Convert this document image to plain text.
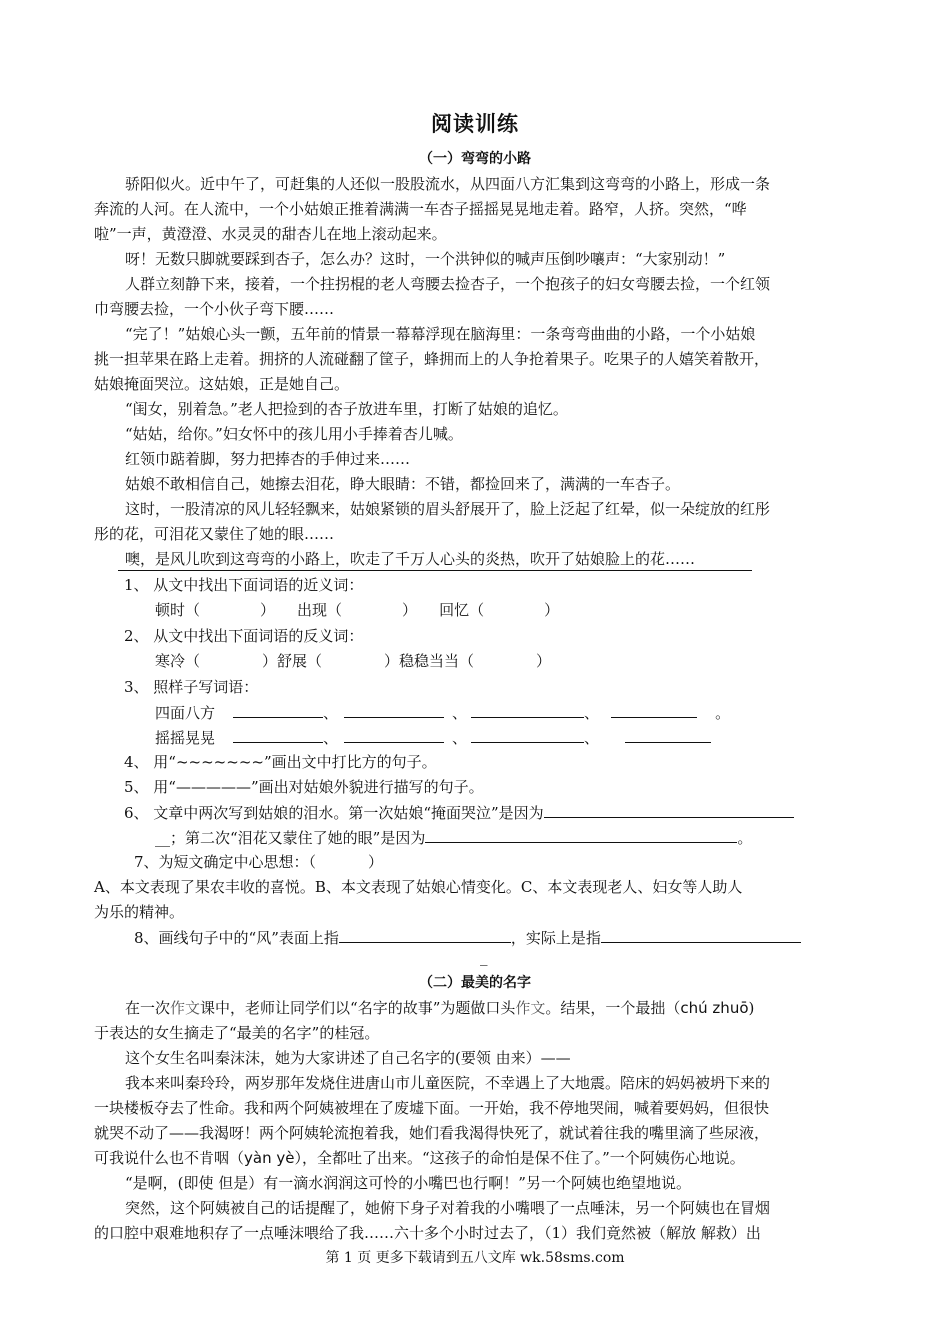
阅读训练
（一）弯弯的小路
骄阳似火。近中午了，可赶集的人还似一股股流水，从四面八方汇集到这弯弯的小路上，形成一条
奔流的人河。在人流中，一个小姑娘正推着满满一车杏子摇摇晃晃地走着。路窄，人挤。突然，“哗
啦”一声，黄澄澄、水灵灵的甜杏儿在地上滚动起来。
呀！无数只脚就要踩到杏子，怎么办？这时，一个洪钟似的喊声压倒吵嚷声：“大家别动！”
人群立刻静下来，接着，一个拄拐棍的老人弯腰去捡杏子，一个抱孩子的妇女弯腰去捡，一个红领
巾弯腰去捡，一个小伙子弯下腰……
“完了！”姑娘心头一颤，五年前的情景一幕幕浮现在脑海里：一条弯弯曲曲的小路，一个小姑娘
挑一担苹果在路上走着。拥挤的人流碰翻了筐子，蜂拥而上的人争抢着果子。吃果子的人嬉笑着散开，
姑娘掩面哭泣。这姑娘，正是她自己。
“闺女，别着急。”老人把捡到的杏子放进车里，打断了姑娘的追忆。
“姑姑，给你。”妇女怀中的孩儿用小手捧着杏儿喊。
红领巾踮着脚，努力把捧杏的手伸过来……
姑娘不敢相信自己，她擦去泪花，睁大眼睛：不错，都捡回来了，满满的一车杏子。
这时，一股清凉的风儿轻轻飘来，姑娘紧锁的眉头舒展开了，脸上泛起了红晕，似一朵绽放的红彤
彤的花，可泪花又蒙住了她的眼……
噢，是风儿吹到这弯弯的小路上，吹走了千万人心头的炎热，吹开了姑娘脸上的花……
1、 从文中找出下面词语的近义词：
顿时（	） 出现（	） 回忆（	）
2、 从文中找出下面词语的反义词：
寒冷（	）舒展（	）稳稳当当（	）
3、 照样子写词语：
四面八方	、	、	、	。
摇摇晃晃	、	、	、
4、 用“~~~~~~~”画出文中打比方的句子。
5、 用“—————”画出对姑娘外貌进行描写的句子。
6、 文章中两次写到姑娘的泪水。第一次姑娘“掩面哭泣”是因为
__；第二次“泪花又蒙住了她的眼”是因为	。
7、为短文确定中心思想：（	）
A、本文表现了果农丰收的喜悦。B、本文表现了姑娘心情变化。C、本文表现老人、妇女等人助人
为乐的精神。
8、画线句子中的“风”表面上指	，实际上是指
_
（二）最美的名字
在一次作文课中，老师让同学们以“名字的故事”为题做口头作文。结果，一个最拙（chú zhuō)
于表达的女生摘走了“最美的名字”的桂冠。
这个女生名叫秦沫沫，她为大家讲述了自己名字的(要领 由来）——
我本来叫秦玲玲，两岁那年发烧住进唐山市儿童医院，不幸遇上了大地震。陪床的妈妈被坍下来的
一块楼板夺去了性命。我和两个阿姨被埋在了废墟下面。一开始，我不停地哭闹，喊着要妈妈，但很快
就哭不动了——我渴呀！两个阿姨轮流抱着我，她们看我渴得快死了，就试着往我的嘴里滴了些尿液，
可我说什么也不肯咽（yàn yè），全都吐了出来。“这孩子的命怕是保不住了。”一个阿姨伤心地说。
“是啊，(即使 但是）有一滴水润润这可怜的小嘴巴也行啊！”另一个阿姨也绝望地说。
突然，这个阿姨被自己的话提醒了，她俯下身子对着我的小嘴喂了一点唾沫，另一个阿姨也在冒烟
的口腔中艰难地积存了一点唾沫喂给了我……六十多个小时过去了，（1）我们竟然被（解放 解救）出
第 1 页 更多下载请到五八文库 wk.58sms.com
